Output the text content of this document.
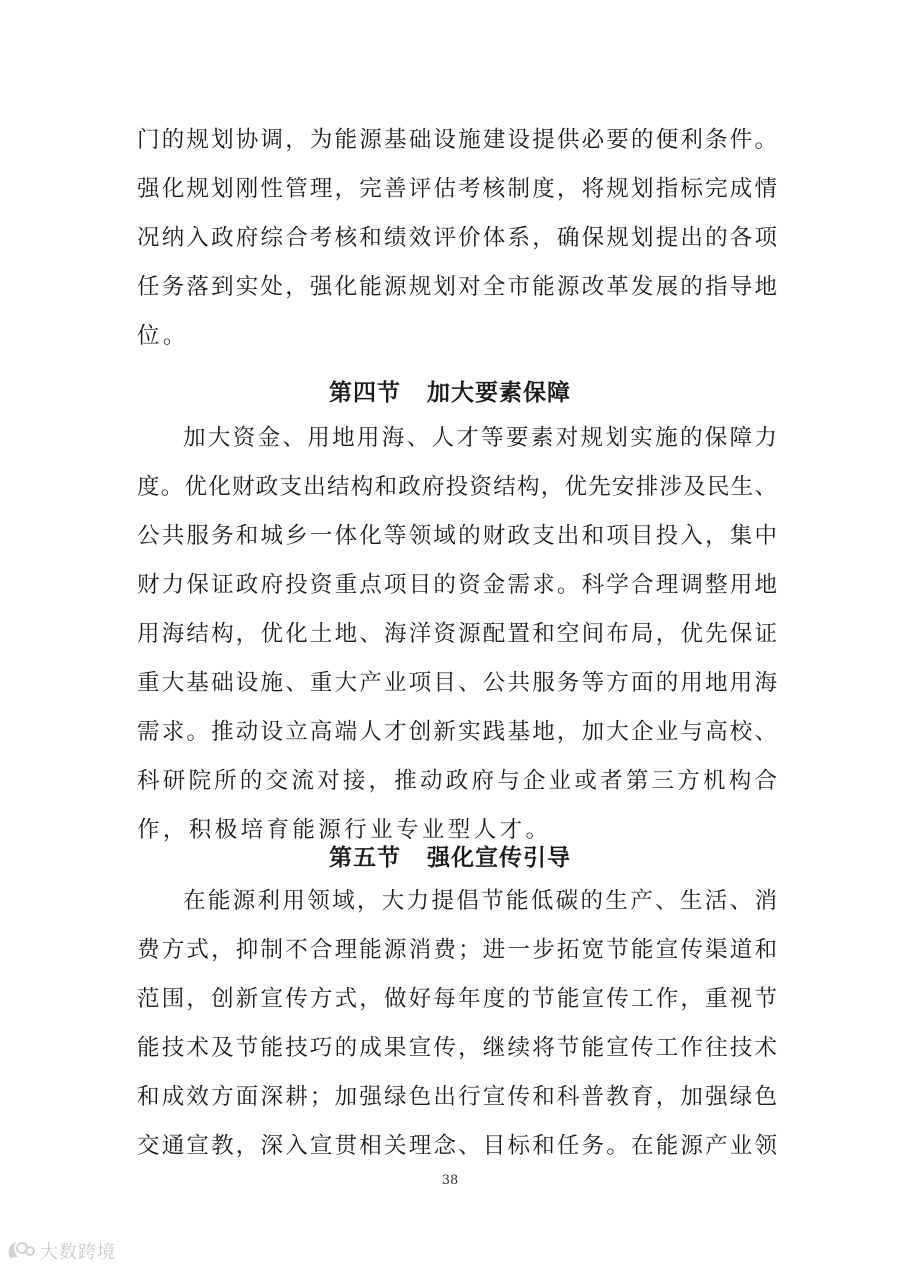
门的规划协调，为能源基础设施建设提供必要的便利条件。
强化规划刚性管理，完善评估考核制度，将规划指标完成情
况纳入政府综合考核和绩效评价体系，确保规划提出的各项
任务落到实处，强化能源规划对全市能源改革发展的指导地
位。
第四节 加大要素保障
加大资金、用地用海、人才等要素对规划实施的保障力
度。优化财政支出结构和政府投资结构，优先安排涉及民生、
公共服务和城乡一体化等领域的财政支出和项目投入，集中
财力保证政府投资重点项目的资金需求。科学合理调整用地
用海结构，优化土地、海洋资源配置和空间布局，优先保证
重大基础设施、重大产业项目、公共服务等方面的用地用海
需求。推动设立高端人才创新实践基地，加大企业与高校、
科研院所的交流对接，推动政府与企业或者第三方机构合
作，积极培育能源行业专业型人才。
第五节 强化宣传引导
在能源利用领域，大力提倡节能低碳的生产、生活、消
费方式，抑制不合理能源消费；进一步拓宽节能宣传渠道和
范围，创新宣传方式，做好每年度的节能宣传工作，重视节
能技术及节能技巧的成果宣传，继续将节能宣传工作往技术
和成效方面深耕；加强绿色出行宣传和科普教育，加强绿色
交通宣教，深入宣贯相关理念、目标和任务。在能源产业领
38
大数跨境
